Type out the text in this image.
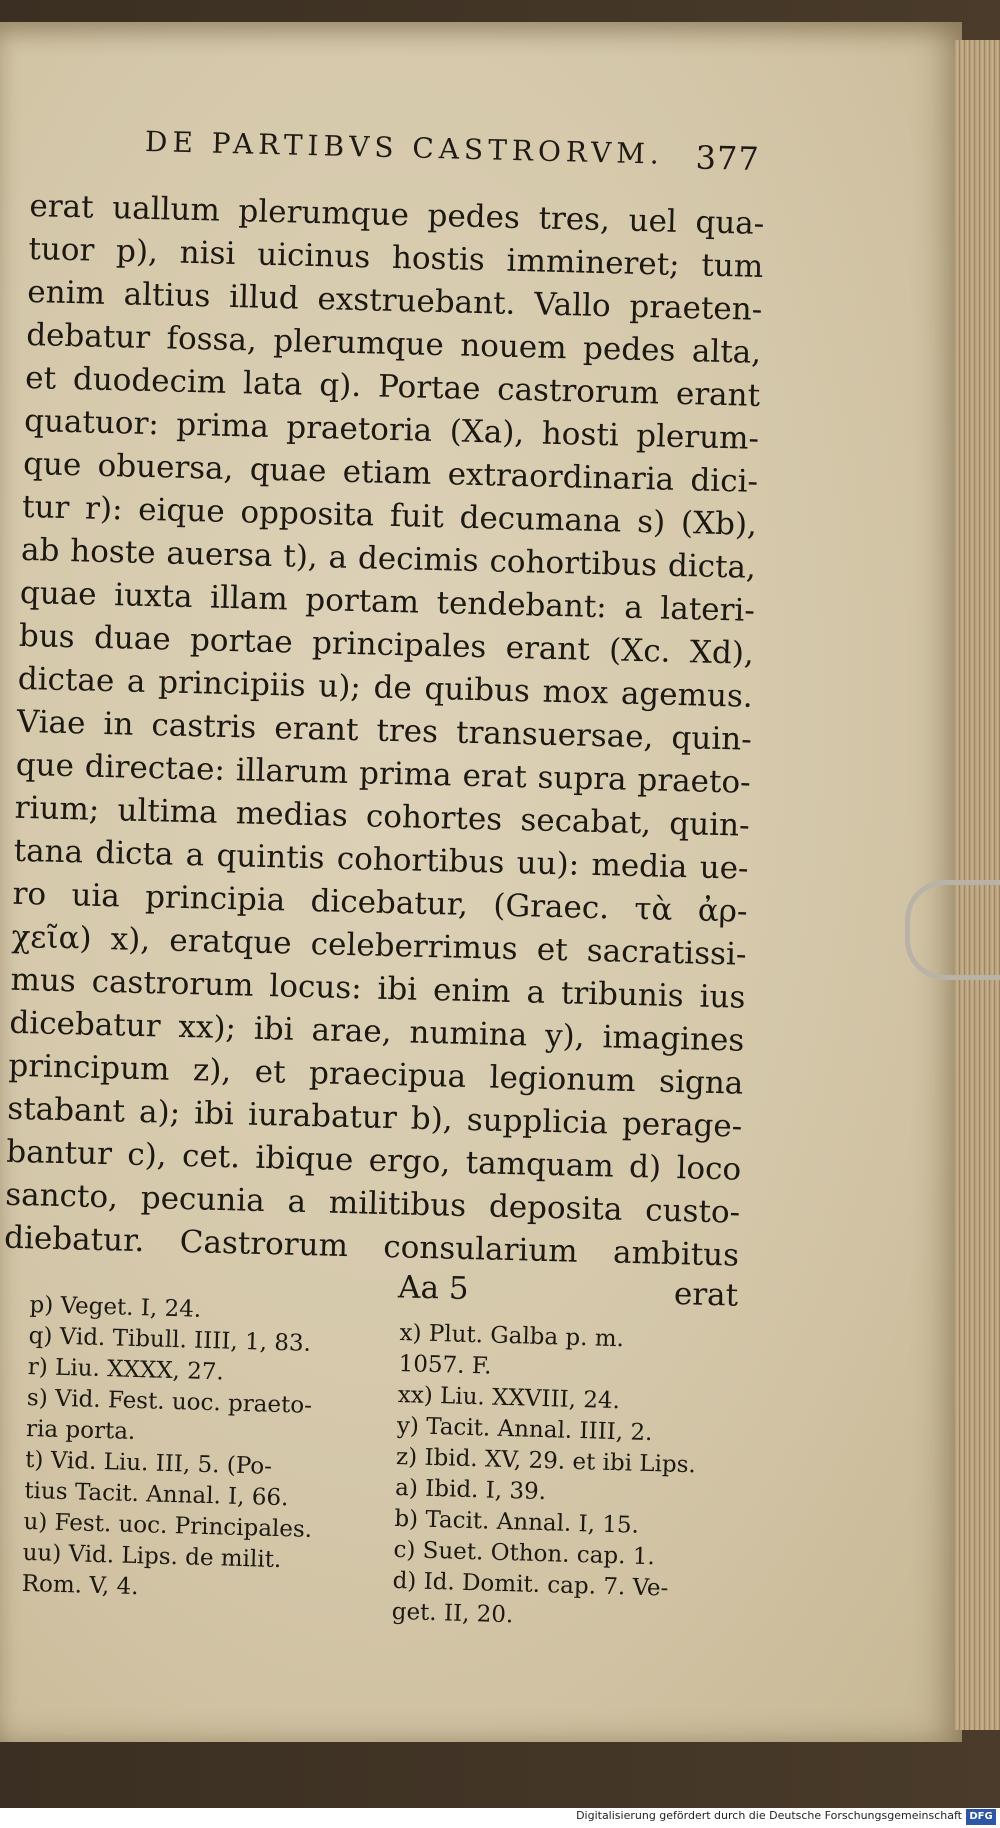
DE PARTIBVS CASTRORVM. 377
erat uallum plerumque pedes tres, uel qua-
tuor p), nisi uicinus hostis immineret; tum
enim altius illud exstruebant. Vallo praeten-
debatur fossa, plerumque nouem pedes alta,
et duodecim lata q). Portae castrorum erant
quatuor: prima praetoria (Xa), hosti plerum-
que obuersa, quae etiam extraordinaria dici-
tur r): eique opposita fuit decumana s) (Xb),
ab hoste auersa t), a decimis cohortibus dicta,
quae iuxta illam portam tendebant: a lateri-
bus duae portae principales erant (Xc. Xd),
dictae a principiis u); de quibus mox agemus.
Viae in castris erant tres transuersae, quin-
que directae: illarum prima erat supra praeto-
rium; ultima medias cohortes secabat, quin-
tana dicta a quintis cohortibus uu): media ue-
ro uia principia dicebatur, (Graec. τὰ ἀρ-
χεῖα) x), eratque celeberrimus et sacratissi-
mus castrorum locus: ibi enim a tribunis ius
dicebatur xx); ibi arae, numina y), imagines
principum z), et praecipua legionum signa
stabant a); ibi iurabatur b), supplicia perage-
bantur c), cet. ibique ergo, tamquam d) loco
sancto, pecunia a militibus deposita custo-
diebatur. Castrorum consularium ambitus
Aa 5	erat
p) Veget. I, 24.
q) Vid. Tibull. IIII, 1, 83.
r) Liu. XXXX, 27.
s) Vid. Fest. uoc. praeto-
ria porta.
t) Vid. Liu. III, 5. (Po-
tius Tacit. Annal. I, 66.
u) Fest. uoc. Principales.
uu) Vid. Lips. de milit.
Rom. V, 4.
x) Plut. Galba p. m.
1057. F.
xx) Liu. XXVIII, 24.
y) Tacit. Annal. IIII, 2.
z) Ibid. XV, 29. et ibi Lips.
a) Ibid. I, 39.
b) Tacit. Annal. I, 15.
c) Suet. Othon. cap. 1.
d) Id. Domit. cap. 7. Ve-
get. II, 20.
Digitalisierung gefördert durch die Deutsche Forschungsgemeinschaft DFG
